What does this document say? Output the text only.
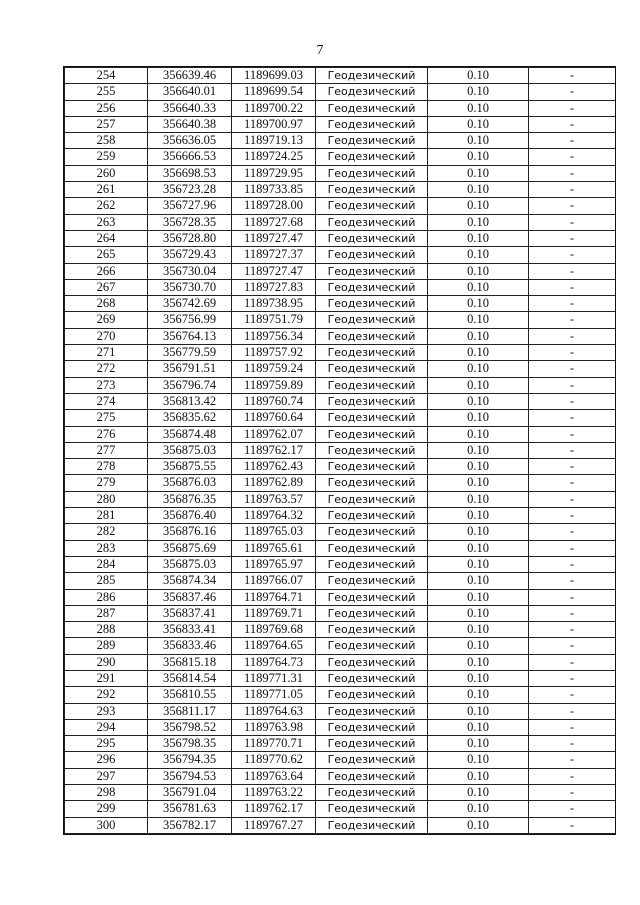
7
254	356639.46	1189699.03	Геодезический	0.10	-
255	356640.01	1189699.54	Геодезический	0.10	-
256	356640.33	1189700.22	Геодезический	0.10	-
257	356640.38	1189700.97	Геодезический	0.10	-
258	356636.05	1189719.13	Геодезический	0.10	-
259	356666.53	1189724.25	Геодезический	0.10	-
260	356698.53	1189729.95	Геодезический	0.10	-
261	356723.28	1189733.85	Геодезический	0.10	-
262	356727.96	1189728.00	Геодезический	0.10	-
263	356728.35	1189727.68	Геодезический	0.10	-
264	356728.80	1189727.47	Геодезический	0.10	-
265	356729.43	1189727.37	Геодезический	0.10	-
266	356730.04	1189727.47	Геодезический	0.10	-
267	356730.70	1189727.83	Геодезический	0.10	-
268	356742.69	1189738.95	Геодезический	0.10	-
269	356756.99	1189751.79	Геодезический	0.10	-
270	356764.13	1189756.34	Геодезический	0.10	-
271	356779.59	1189757.92	Геодезический	0.10	-
272	356791.51	1189759.24	Геодезический	0.10	-
273	356796.74	1189759.89	Геодезический	0.10	-
274	356813.42	1189760.74	Геодезический	0.10	-
275	356835.62	1189760.64	Геодезический	0.10	-
276	356874.48	1189762.07	Геодезический	0.10	-
277	356875.03	1189762.17	Геодезический	0.10	-
278	356875.55	1189762.43	Геодезический	0.10	-
279	356876.03	1189762.89	Геодезический	0.10	-
280	356876.35	1189763.57	Геодезический	0.10	-
281	356876.40	1189764.32	Геодезический	0.10	-
282	356876.16	1189765.03	Геодезический	0.10	-
283	356875.69	1189765.61	Геодезический	0.10	-
284	356875.03	1189765.97	Геодезический	0.10	-
285	356874.34	1189766.07	Геодезический	0.10	-
286	356837.46	1189764.71	Геодезический	0.10	-
287	356837.41	1189769.71	Геодезический	0.10	-
288	356833.41	1189769.68	Геодезический	0.10	-
289	356833.46	1189764.65	Геодезический	0.10	-
290	356815.18	1189764.73	Геодезический	0.10	-
291	356814.54	1189771.31	Геодезический	0.10	-
292	356810.55	1189771.05	Геодезический	0.10	-
293	356811.17	1189764.63	Геодезический	0.10	-
294	356798.52	1189763.98	Геодезический	0.10	-
295	356798.35	1189770.71	Геодезический	0.10	-
296	356794.35	1189770.62	Геодезический	0.10	-
297	356794.53	1189763.64	Геодезический	0.10	-
298	356791.04	1189763.22	Геодезический	0.10	-
299	356781.63	1189762.17	Геодезический	0.10	-
300	356782.17	1189767.27	Геодезический	0.10	-
